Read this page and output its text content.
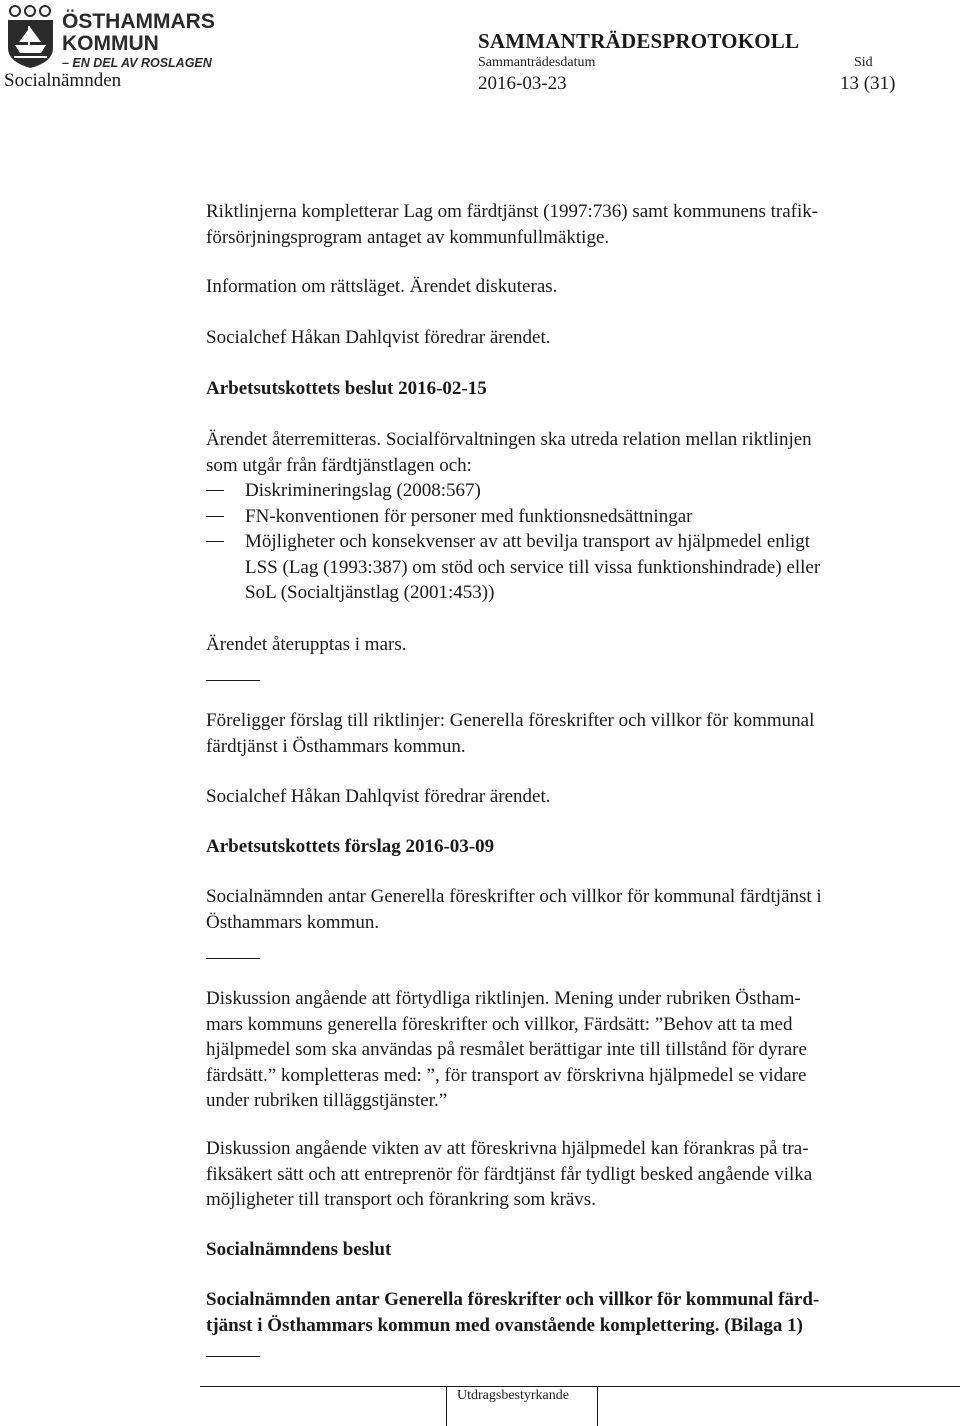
ÖSTHAMMARS
KOMMUN
– EN DEL AV ROSLAGEN
SAMMANTRÄDESPROTOKOLL
Socialnämnden
Sammanträdesdatum
2016-03-23
Sid
13 (31)
Riktlinjerna kompletterar Lag om färdtjänst (1997:736) samt kommunens trafik-
försörjningsprogram antaget av kommunfullmäktige.
Information om rättsläget. Ärendet diskuteras.
Socialchef Håkan Dahlqvist föredrar ärendet.
Arbetsutskottets beslut 2016-02-15
Ärendet återremitteras. Socialförvaltningen ska utreda relation mellan riktlinjen
som utgår från färdtjänstlagen och:
Diskrimineringslag (2008:567)
FN-konventionen för personer med funktionsnedsättningar
Möjligheter och konsekvenser av att bevilja transport av hjälpmedel enligt
LSS (Lag (1993:387) om stöd och service till vissa funktionshindrade) eller
SoL (Socialtjänstlag (2001:453))
Ärendet återupptas i mars.
Föreligger förslag till riktlinjer: Generella föreskrifter och villkor för kommunal
färdtjänst i Östhammars kommun.
Socialchef Håkan Dahlqvist föredrar ärendet.
Arbetsutskottets förslag 2016-03-09
Socialnämnden antar Generella föreskrifter och villkor för kommunal färdtjänst i
Östhammars kommun.
Diskussion angående att förtydliga riktlinjen. Mening under rubriken Östham-
mars kommuns generella föreskrifter och villkor, Färdsätt: ”Behov att ta med
hjälpmedel som ska användas på resmålet berättigar inte till tillstånd för dyrare
färdsätt.” kompletteras med: ”, för transport av förskrivna hjälpmedel se vidare
under rubriken tilläggstjänster.”
Diskussion angående vikten av att föreskrivna hjälpmedel kan förankras på tra-
fiksäkert sätt och att entreprenör för färdtjänst får tydligt besked angående vilka
möjligheter till transport och förankring som krävs.
Socialnämndens beslut
Socialnämnden antar Generella föreskrifter och villkor för kommunal färd-
tjänst i Östhammars kommun med ovanstående komplettering. (Bilaga 1)
Utdragsbestyrkande
